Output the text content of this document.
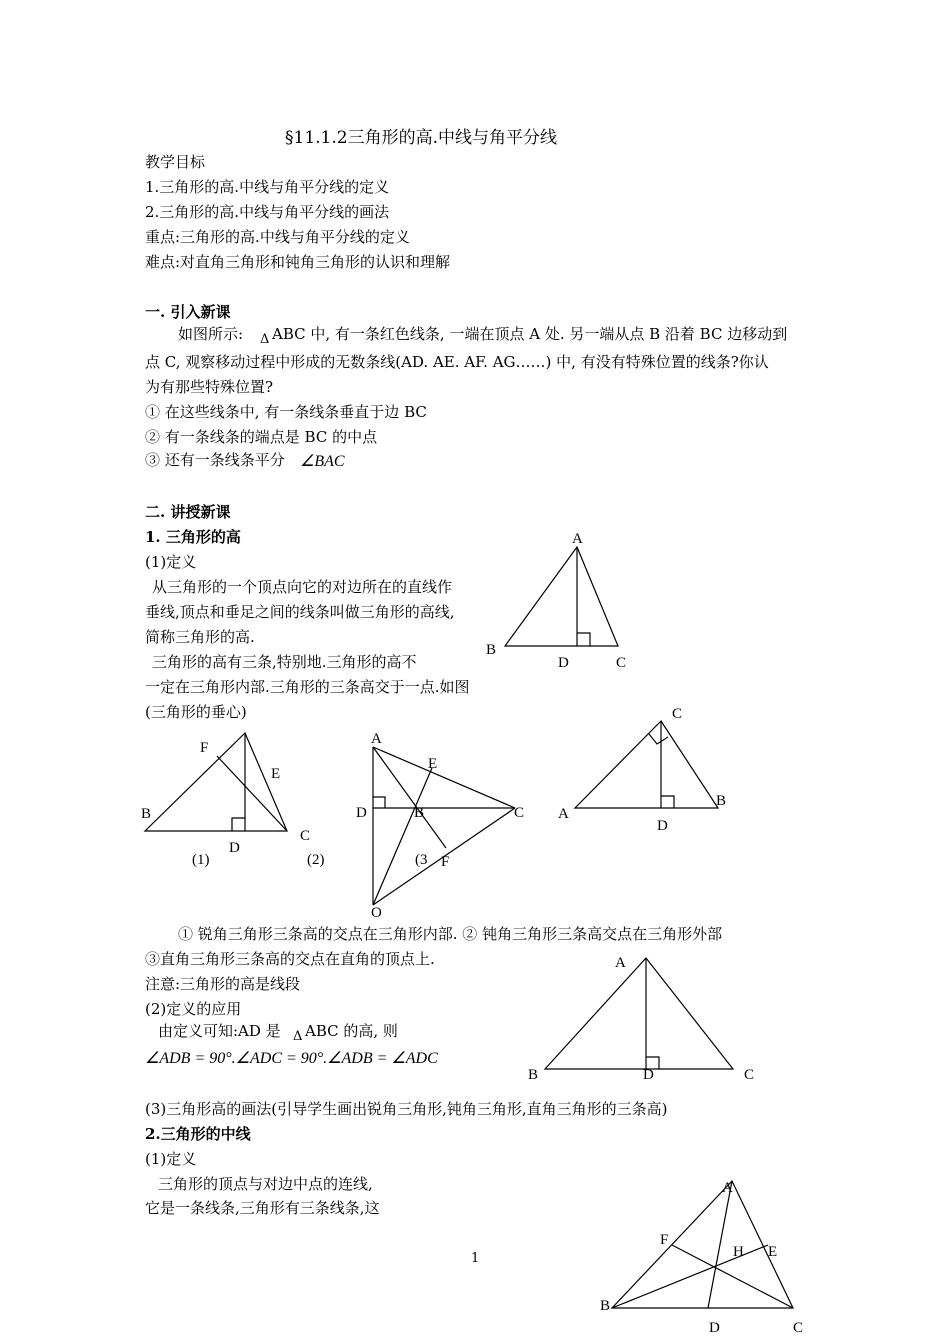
§11.1.2三角形的高.中线与角平分线
教学目标
1.三角形的高.中线与角平分线的定义
2.三角形的高.中线与角平分线的画法
重点:三角形的高.中线与角平分线的定义
难点:对直角三角形和钝角三角形的认识和理解
一. 引入新课
如图所示: Δ ABC 中, 有一条红色线条, 一端在顶点 A 处. 另一端从点 B 沿着 BC 边移动到
点 C, 观察移动过程中形成的无数条线(AD. AE. AF. AG……) 中, 有没有特殊位置的线条?你认
为有那些特殊位置?
① 在这些线条中, 有一条线条垂直于边 BC
② 有一条线条的端点是 BC 的中点
③ 还有一条线条平分 ∠BAC
二. 讲授新课
1. 三角形的高
(1)定义
从三角形的一个顶点向它的对边所在的直线作
垂线,顶点和垂足之间的线条叫做三角形的高线,
简称三角形的高.
三角形的高有三条,特别地.三角形的高不
一定在三角形内部.三角形的三条高交于一点.如图
(三角形的垂心)
A
B
D	C
F
E
B
C
D
(1)	(2)
A
E
D	B	C
(3 F
O
C
A
B
D
① 锐角三角形三条高的交点在三角形内部. ② 钝角三角形三条高交点在三角形外部
③直角三角形三条高的交点在直角的顶点上.
注意:三角形的高是线段
(2)定义的应用
由定义可知:AD 是 Δ ABC 的高, 则
∠ADB = 90°.∠ADC = 90°.∠ADB = ∠ADC
A
B	D	C
(3)三角形高的画法(引导学生画出锐角三角形,钝角三角形,直角三角形的三条高)
2.三角形的中线
(1)定义
三角形的顶点与对边中点的连线,
它是一条线条,三角形有三条线条,这
A
F
H E
B
D	C
1
